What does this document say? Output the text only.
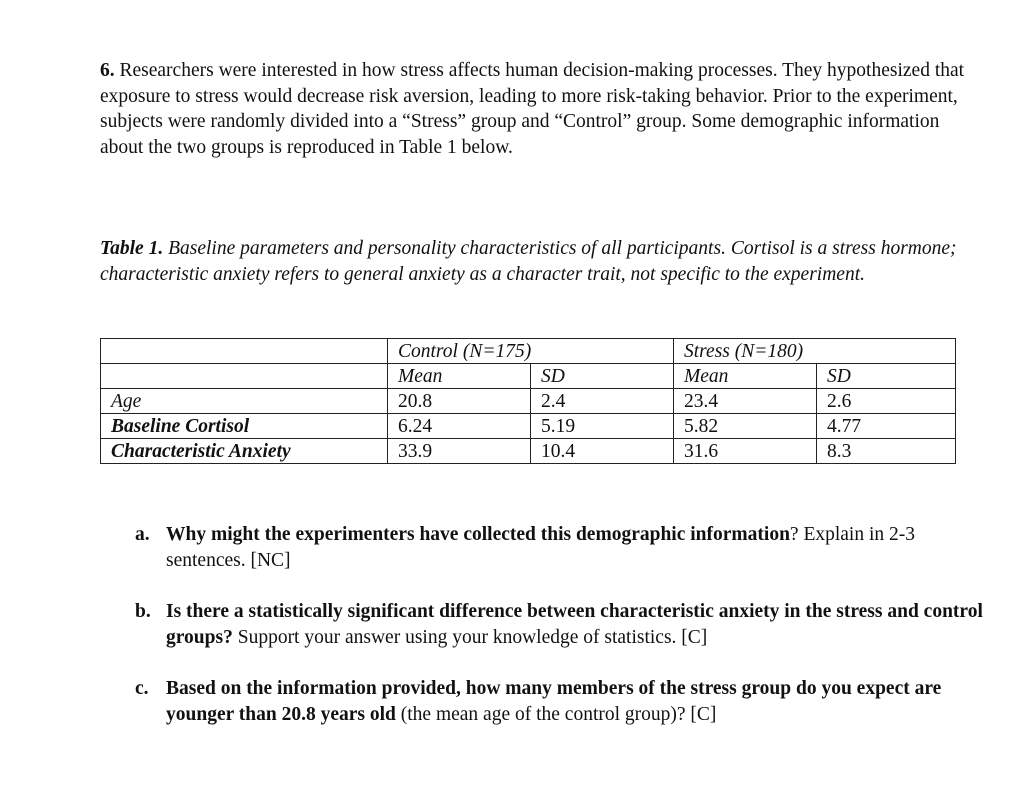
6. Researchers were interested in how stress affects human decision-making processes. They hypothesized that exposure to stress would decrease risk aversion, leading to more risk-taking behavior. Prior to the experiment, subjects were randomly divided into a “Stress” group and “Control” group. Some demographic information about the two groups is reproduced in Table 1 below.
Table 1. Baseline parameters and personality characteristics of all participants. Cortisol is a stress hormone; characteristic anxiety refers to general anxiety as a character trait, not specific to the experiment.
	Control (N=175)		Stress (N=180)	
	Mean	SD	Mean	SD
Age	20.8	2.4	23.4	2.6
Baseline Cortisol	6.24	5.19	5.82	4.77
Characteristic Anxiety	33.9	10.4	31.6	8.3
a. Why might the experimenters have collected this demographic information? Explain in 2-3 sentences. [NC]
b. Is there a statistically significant difference between characteristic anxiety in the stress and control groups? Support your answer using your knowledge of statistics. [C]
c. Based on the information provided, how many members of the stress group do you expect are younger than 20.8 years old (the mean age of the control group)? [C]
